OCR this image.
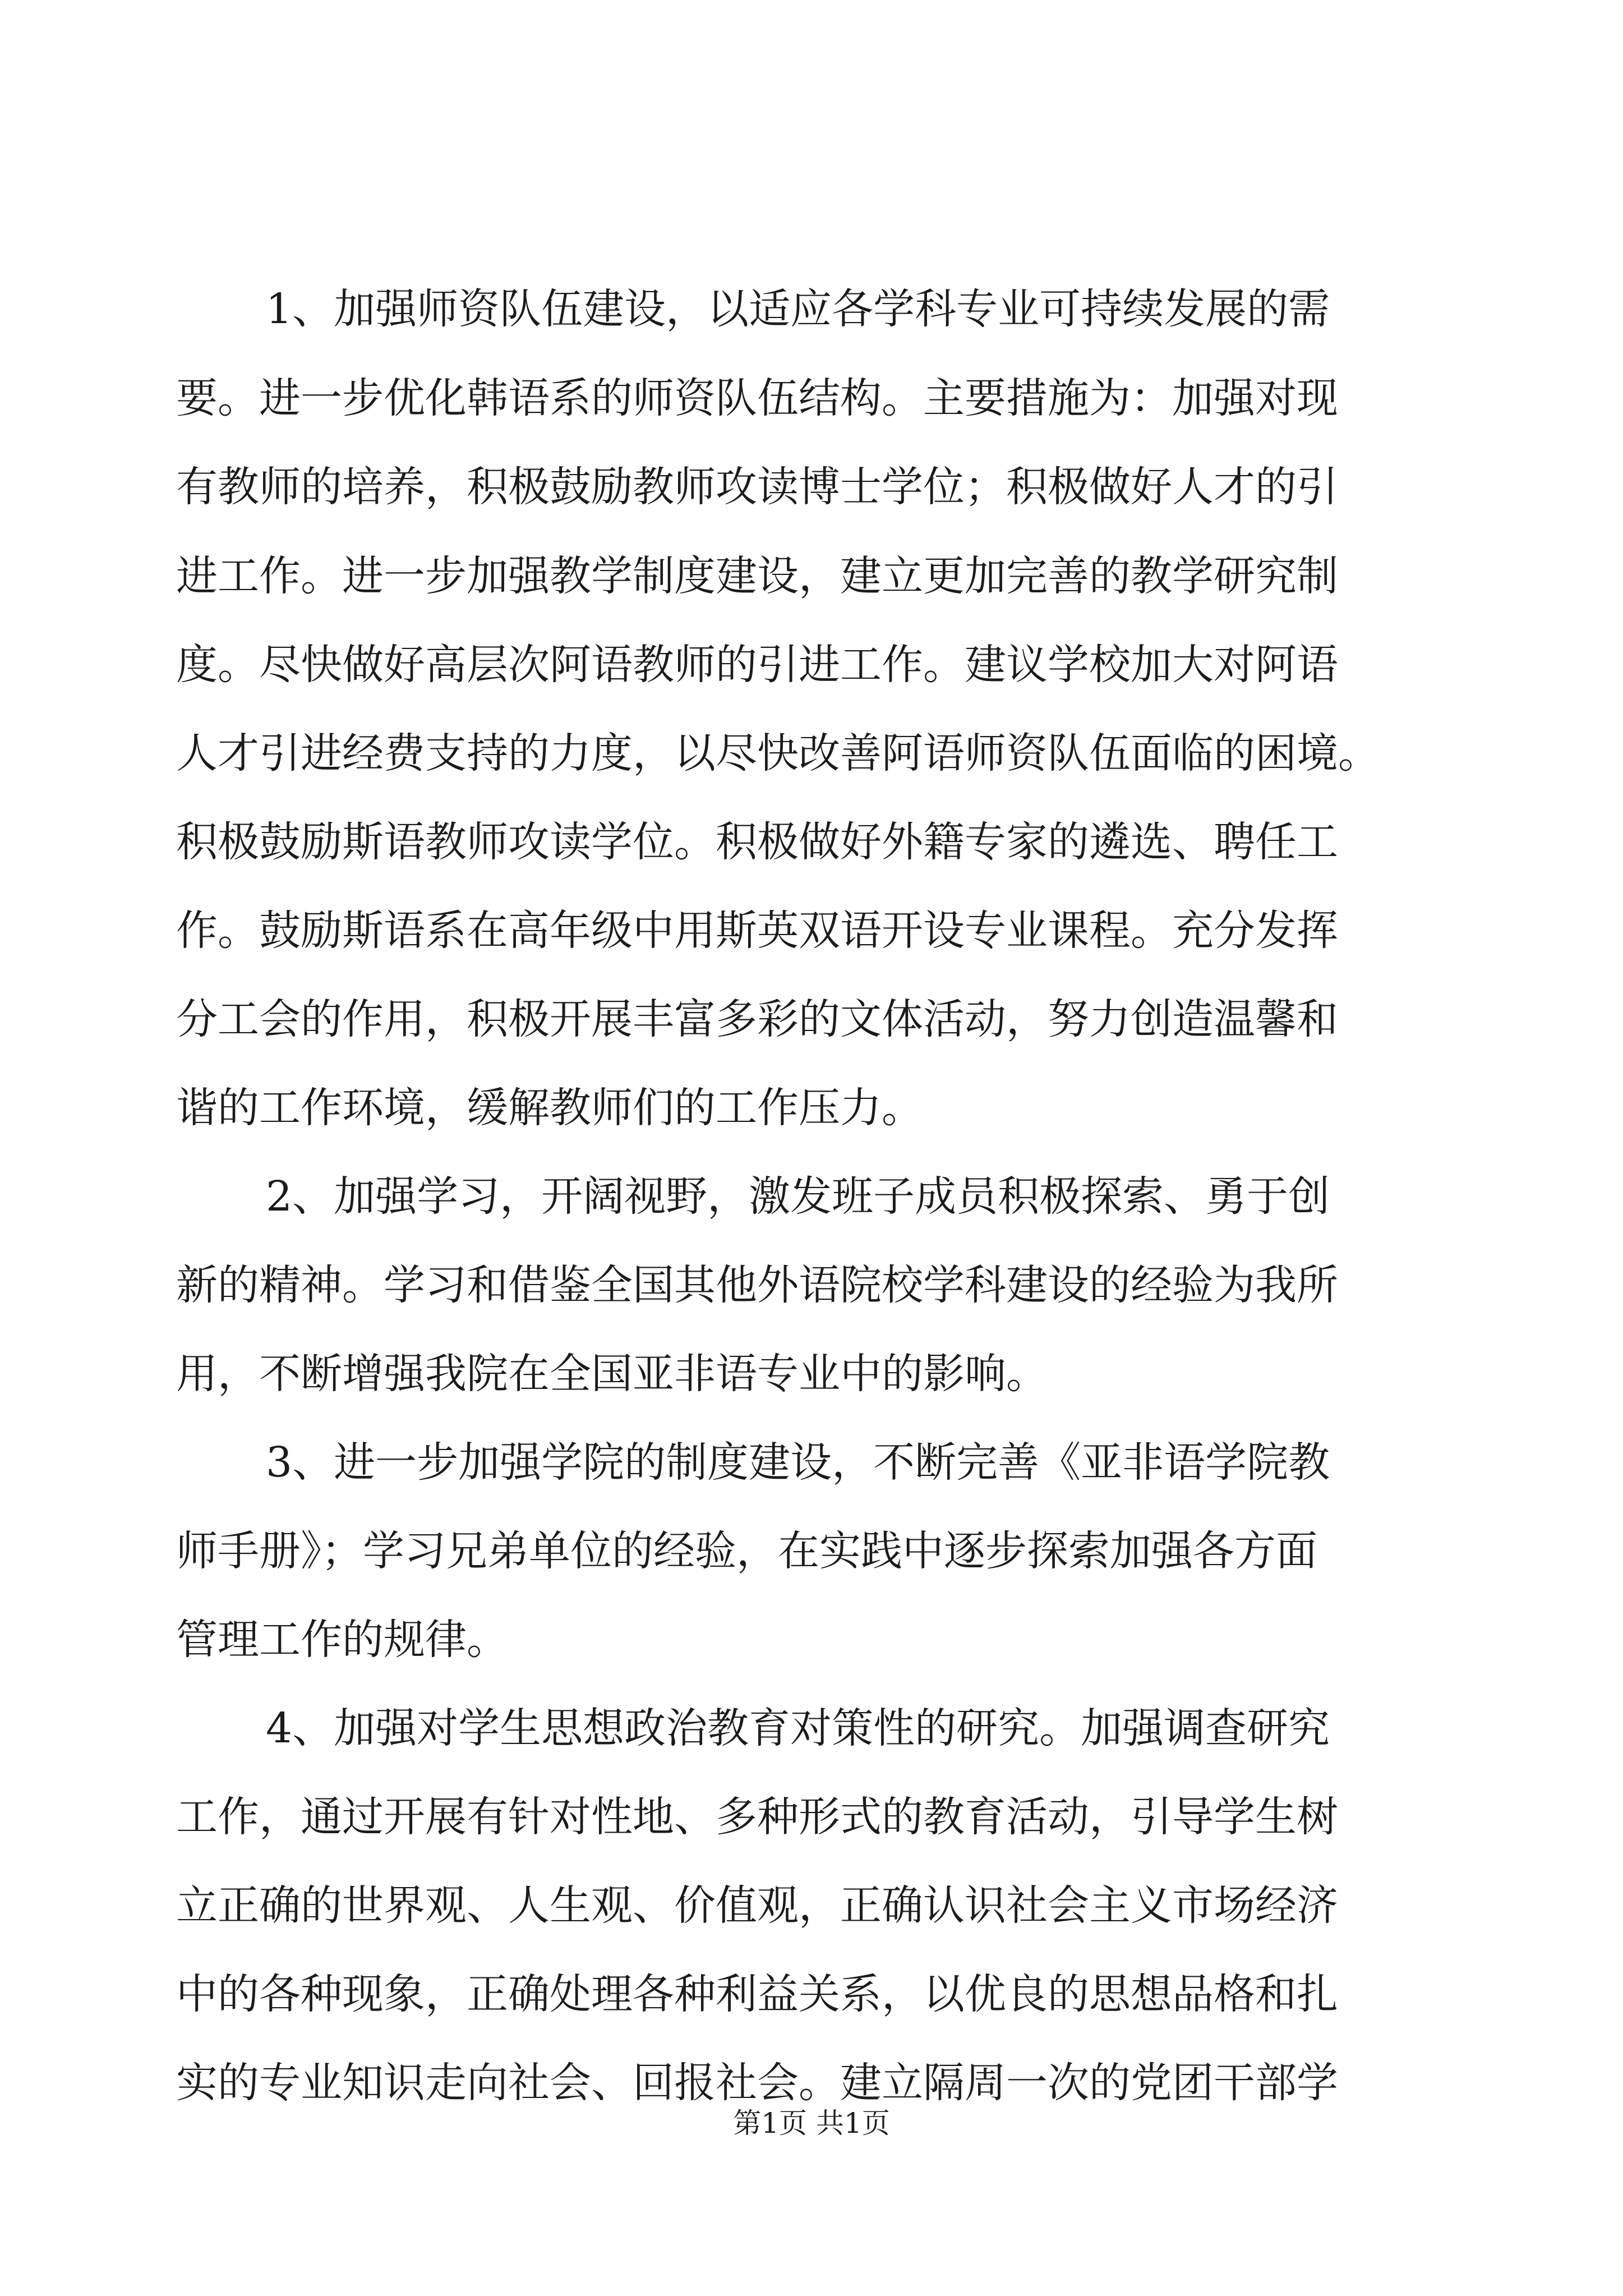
1、加强师资队伍建设，以适应各学科专业可持续发展的需

要。进一步优化韩语系的师资队伍结构。主要措施为：加强对现

有教师的培养，积极鼓励教师攻读博士学位；积极做好人才的引

进工作。进一步加强教学制度建设，建立更加完善的教学研究制

度。尽快做好高层次阿语教师的引进工作。建议学校加大对阿语

人才引进经费支持的力度，以尽快改善阿语师资队伍面临的困境。

积极鼓励斯语教师攻读学位。积极做好外籍专家的遴选、聘任工

作。鼓励斯语系在高年级中用斯英双语开设专业课程。充分发挥

分工会的作用，积极开展丰富多彩的文体活动，努力创造温馨和

谐的工作环境，缓解教师们的工作压力。

2、加强学习，开阔视野，激发班子成员积极探索、勇于创

新的精神。学习和借鉴全国其他外语院校学科建设的经验为我所

用，不断增强我院在全国亚非语专业中的影响。

3、进一步加强学院的制度建设，不断完善《亚非语学院教

师手册》；学习兄弟单位的经验，在实践中逐步探索加强各方面

管理工作的规律。

4、加强对学生思想政治教育对策性的研究。加强调查研究

工作，通过开展有针对性地、多种形式的教育活动，引导学生树

立正确的世界观、人生观、价值观，正确认识社会主义市场经济

中的各种现象，正确处理各种利益关系，以优良的思想品格和扎

实的专业知识走向社会、回报社会。建立隔周一次的党团干部学

第1页 共1页
